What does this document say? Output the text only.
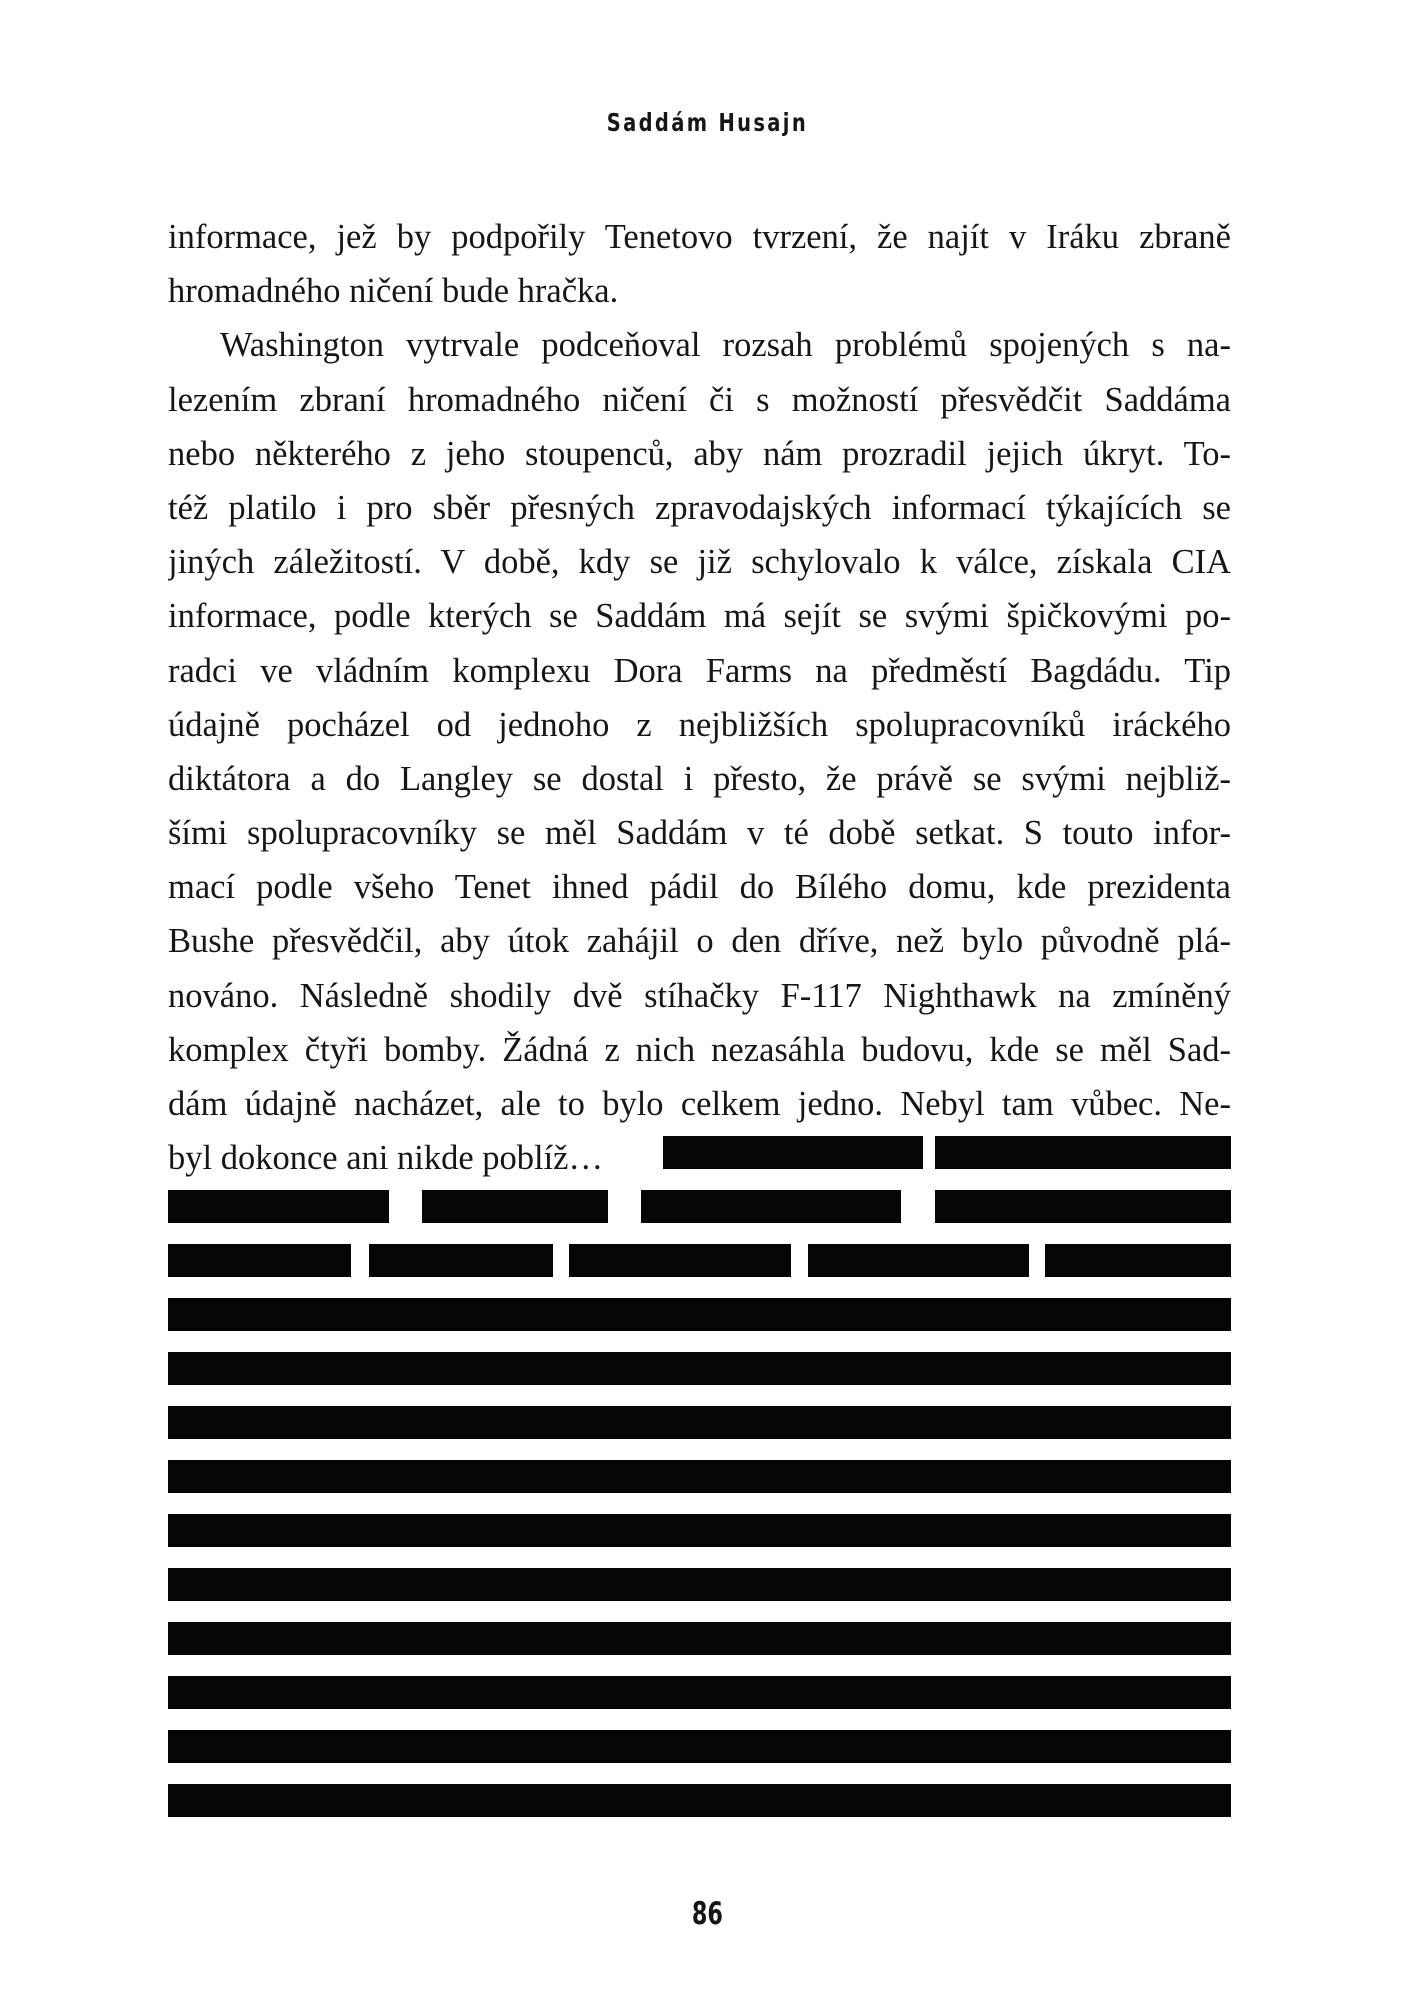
Saddám Husajn
informace, jež by podpořily Tenetovo tvrzení, že najít v Iráku zbraně
hromadného ničení bude hračka.
Washington vytrvale podceňoval rozsah problémů spojených s na-
lezením zbraní hromadného ničení či s možností přesvědčit Saddáma
nebo některého z jeho stoupenců, aby nám prozradil jejich úkryt. To-
též platilo i pro sběr přesných zpravodajských informací týkajících se
jiných záležitostí. V době, kdy se již schylovalo k válce, získala CIA
informace, podle kterých se Saddám má sejít se svými špičkovými po-
radci ve vládním komplexu Dora Farms na předměstí Bagdádu. Tip
údajně pocházel od jednoho z nejbližších spolupracovníků iráckého
diktátora a do Langley se dostal i přesto, že právě se svými nejbliž-
šími spolupracovníky se měl Saddám v té době setkat. S touto infor-
mací podle všeho Tenet ihned pádil do Bílého domu, kde prezidenta
Bushe přesvědčil, aby útok zahájil o den dříve, než bylo původně plá-
nováno. Následně shodily dvě stíhačky F-117 Nighthawk na zmíněný
komplex čtyři bomby. Žádná z nich nezasáhla budovu, kde se měl Sad-
dám údajně nacházet, ale to bylo celkem jedno. Nebyl tam vůbec. Ne-
byl dokonce ani nikde poblíž…
86
